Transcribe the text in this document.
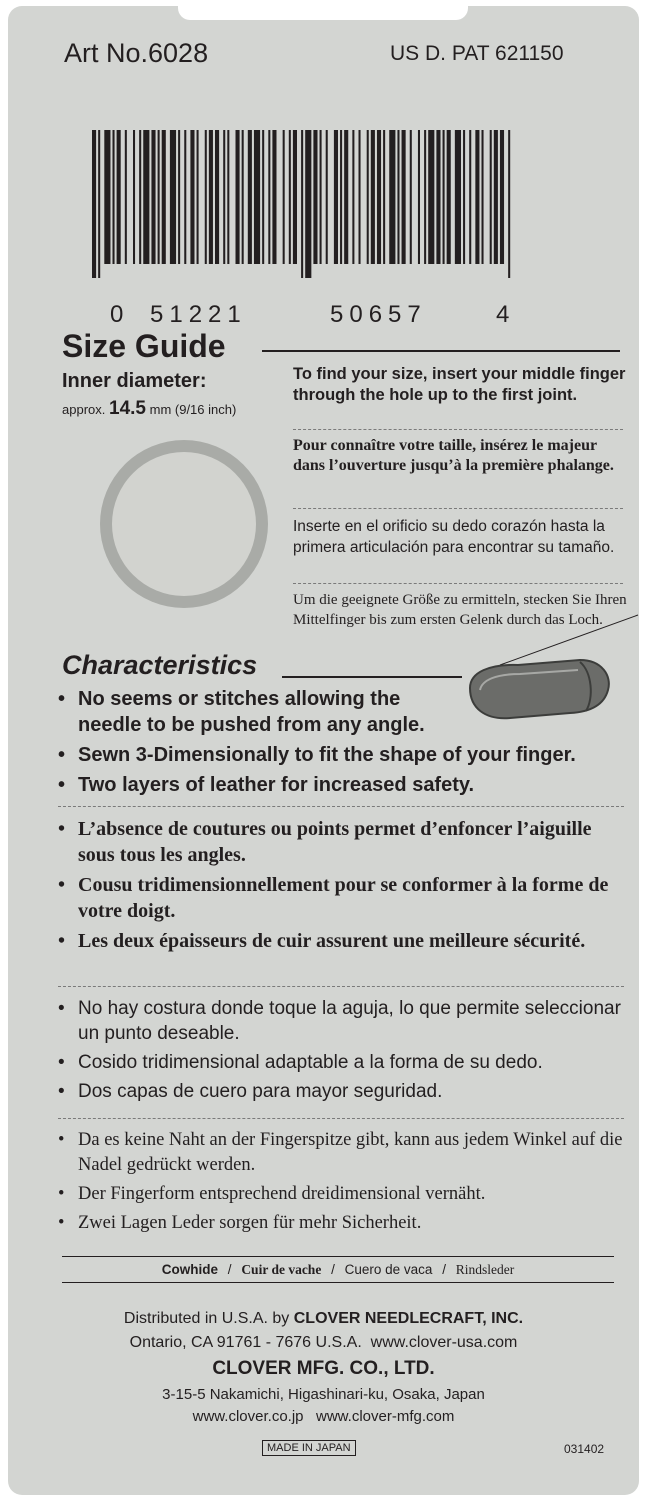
Art No.6028	US D. PAT 621150
0 51221	50657	4
Size Guide
Inner diameter:
approx. 14.5 mm (9/16 inch)
To find your size, insert your middle finger through the hole up to the first joint.
Pour connaître votre taille, insérez le majeur dans l’ouverture jusqu’à la première phalange.
Inserte en el orificio su dedo corazón hasta la primera articulación para encontrar su tamaño.
Um die geeignete Größe zu ermitteln, stecken Sie Ihren Mittelfinger bis zum ersten Gelenk durch das Loch.
Characteristics
• No seems or stitches allowing the needle to be pushed from any angle.
• Sewn 3-Dimensionally to fit the shape of your finger.
• Two layers of leather for increased safety.
• L’absence de coutures ou points permet d’enfoncer l’aiguille sous tous les angles.
• Cousu tridimensionnellement pour se conformer à la forme de votre doigt.
• Les deux épaisseurs de cuir assurent une meilleure sécurité.
• No hay costura donde toque la aguja, lo que permite seleccionar un punto deseable.
• Cosido tridimensional adaptable a la forma de su dedo.
• Dos capas de cuero para mayor seguridad.
• Da es keine Naht an der Fingerspitze gibt, kann aus jedem Winkel auf die Nadel gedrückt werden.
• Der Fingerform entsprechend dreidimensional vernäht.
• Zwei Lagen Leder sorgen für mehr Sicherheit.
Cowhide / Cuir de vache / Cuero de vaca / Rindsleder
Distributed in U.S.A. by CLOVER NEEDLECRAFT, INC.
Ontario, CA 91761 - 7676 U.S.A. www.clover-usa.com
CLOVER MFG. CO., LTD.
3-15-5 Nakamichi, Higashinari-ku, Osaka, Japan
www.clover.co.jp www.clover-mfg.com
MADE IN JAPAN	031402
